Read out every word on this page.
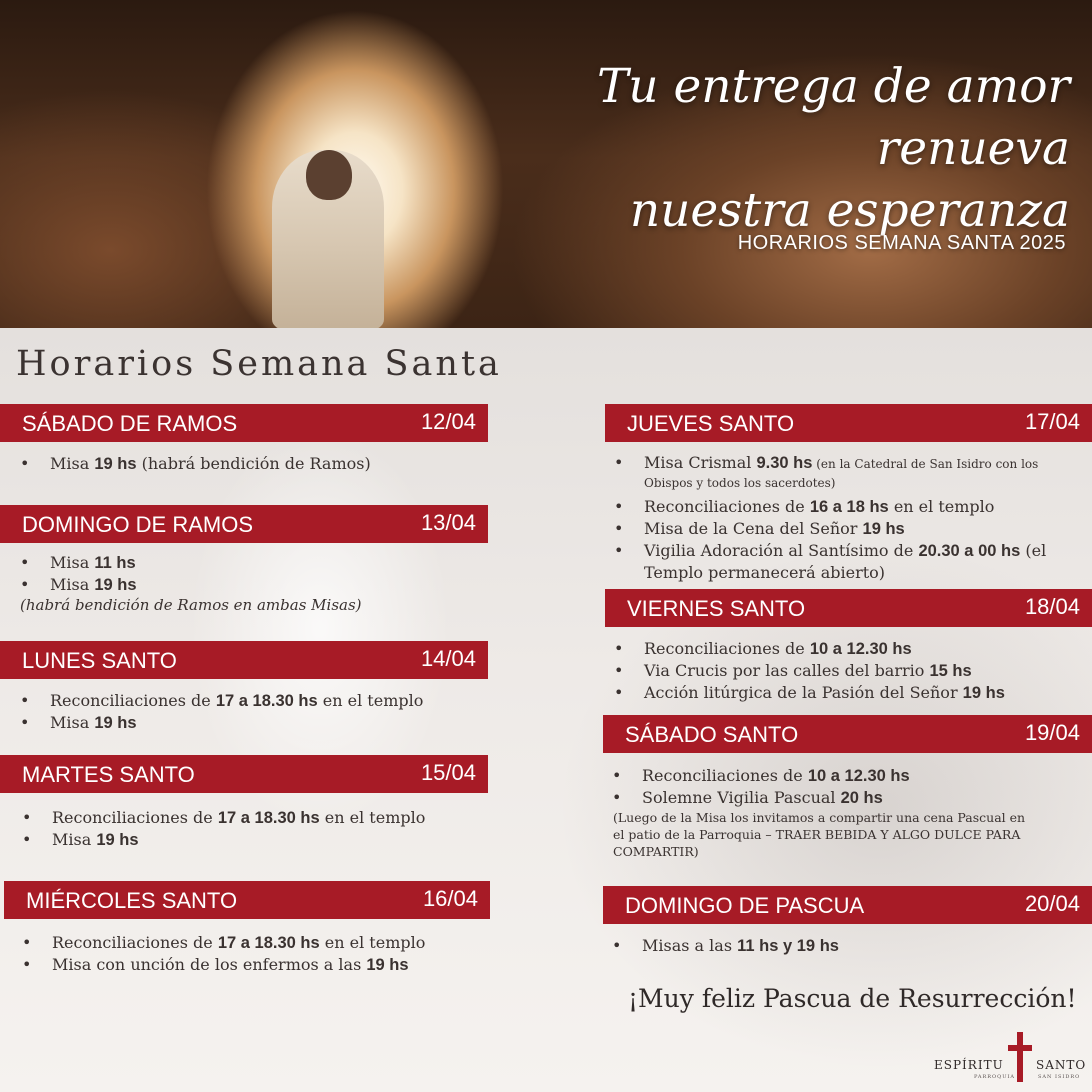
Tu entrega de amor renueva
nuestra esperanza
HORARIOS SEMANA SANTA 2025
Horarios Semana Santa
SÁBADO DE RAMOS	12/04
• Misa 19 hs (habrá bendición de Ramos)
DOMINGO DE RAMOS	13/04
• Misa 11 hs
• Misa 19 hs
(habrá bendición de Ramos en ambas Misas)
LUNES SANTO	14/04
• Reconciliaciones de 17 a 18.30 hs en el templo
• Misa 19 hs
MARTES SANTO	15/04
• Reconciliaciones de 17 a 18.30 hs en el templo
• Misa 19 hs
MIÉRCOLES SANTO	16/04
• Reconciliaciones de 17 a 18.30 hs en el templo
• Misa con unción de los enfermos a las 19 hs
JUEVES SANTO	17/04
• Misa Crismal 9.30 hs (en la Catedral de San Isidro con los Obispos y todos los sacerdotes)
• Reconciliaciones de 16 a 18 hs en el templo
• Misa de la Cena del Señor 19 hs
• Vigilia Adoración al Santísimo de 20.30 a 00 hs (el Templo permanecerá abierto)
VIERNES SANTO	18/04
• Reconciliaciones de 10 a 12.30 hs
• Via Crucis por las calles del barrio 15 hs
• Acción litúrgica de la Pasión del Señor 19 hs
SÁBADO SANTO	19/04
• Reconciliaciones de 10 a 12.30 hs
• Solemne Vigilia Pascual 20 hs
(Luego de la Misa los invitamos a compartir una cena Pascual en el patio de la Parroquia – TRAER BEBIDA Y ALGO DULCE PARA COMPARTIR)
DOMINGO DE PASCUA	20/04
• Misas a las 11 hs y 19 hs
¡Muy feliz Pascua de Resurrección!
ESPÍRITU	SANTO
PARROQUIA	SAN ISIDRO
